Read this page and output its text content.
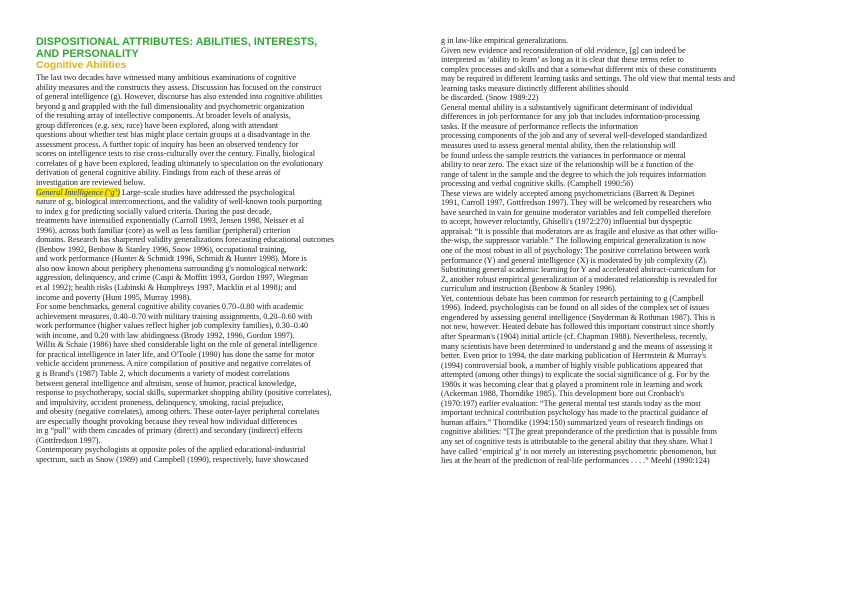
DISPOSITIONAL ATTRIBUTES: ABILITIES, INTERESTS,
AND PERSONALITY
Cognitive Abilities
The last two decades have witnessed many ambitious examinations of cognitive
ability measures and the constructs they assess. Discussion has focused on the construct
of general intelligence (g). However, discourse has also extended into cognitive abilities
beyond g and grappled with the full dimensionality and psychometric organization
of the resulting array of intellective components. At broader levels of analysis,
group differences (e.g. sex, race) have been explored, along with attendant
questions about whether test bias might place certain groups at a disadvantage in the
assessment process. A further topic of inquiry has been an observed tendency for
scores on intelligence tests to rise cross-culturally over the century. Finally, biological
correlates of g have been explored, leading ultimately to speculation on the evolutionary
derivation of general cognitive ability. Findings from each of these areas of
investigation are reviewed below.
General Intelligence (‘g’) Large-scale studies have addressed the psychological
nature of g, biological interconnections, and the validity of well-known tools purporting
to index g for predicting socially valued criteria. During the past decade,
treatments have intensified exponentially (Carroll 1993, Jensen 1998, Neisser et al
1996), across both familiar (core) as well as less familiar (peripheral) criterion
domains. Research has sharpened validity generalizations forecasting educational outcomes
(Benbow 1992, Benbow & Stanley 1996, Snow 1996), occupational training,
and work performance (Hunter & Schmidt 1996, Schmidt & Hunter 1998). More is
also now known about periphery phenomena surrounding g's nomological network:
aggression, delinquency, and crime (Caspi & Moffitt 1993, Gordon 1997, Wiegman
et al 1992); health risks (Lubinski & Humphreys 1997, Macklin et al 1998); and
income and poverty (Hunt 1995, Murray 1998).
For some benchmarks, general cognitive ability covaries 0.70–0.80 with academic
achievement measures, 0.40–0.70 with military training assignments, 0.20–0.60 with
work performance (higher values reflect higher job complexity families), 0.30–0.40
with income, and 0.20 with law abidingness (Brody 1992, 1996, Gordon 1997).
Willis & Schaie (1986) have shed considerable light on the role of general intelligence
for practical intelligence in later life, and O'Toole (1990) has done the same for motor
vehicle accident proneness. A nice compilation of positive and negative correlates of
g is Brand's (1987) Table 2, which documents a variety of modest correlations
between general intelligence and altruism, sense of humor, practical knowledge,
response to psychotherapy, social skills, supermarket shopping ability (positive correlates),
and impulsivity, accident proneness, delinquency, smoking, racial prejudice,
and obesity (negative correlates), among others. These outer-layer peripheral correlates
are especially thought provoking because they reveal how individual differences
in g “pull” with them cascades of primary (direct) and secondary (indirect) effects
(Gottfredson 1997).
Contemporary psychologists at opposite poles of the applied educational-industrial
spectrum, such as Snow (1989) and Campbell (1990), respectively, have showcased
g in law-like empirical generalizations.
Given new evidence and reconsideration of old evidence, [g] can indeed be
interpreted as ‘ability to learn’ as long as it is clear that these terms refer to
complex processes and skills and that a somewhat different mix of these constituents
may be required in different learning tasks and settings. The old view that mental tests and
learning tasks measure distinctly different abilities should
be discarded. (Snow 1989:22)
General mental ability is a substantively significant determinant of individual
differences in job performance for any job that includes information-processing
tasks. If the measure of performance reflects the information
processing components of the job and any of several well-developed standardized
measures used to assess general mental ability, then the relationship will
be found unless the sample restricts the variances in performance or mental
ability to near zero. The exact size of the relationship will be a function of the
range of talent in the sample and the degree to which the job requires information
processing and verbal cognitive skills. (Campbell 1990:56)
These views are widely accepted among psychometricians (Barrett & Depinet
1991, Carroll 1997, Gottfredson 1997). They will be welcomed by researchers who
have searched in vain for genuine moderator variables and felt compelled therefore
to accept, however reluctantly, Ghiselli's (1972:270) influential but dyspeptic
appraisal: “It is possible that moderators are as fragile and elusive as that other willo-
the-wisp, the suppressor variable.” The following empirical generalization is now
one of the most robust in all of psychology: The positive correlation between work
performance (Y) and general intelligence (X) is moderated by job complexity (Z).
Substituting general academic learning for Y and accelerated abstract-curriculum for
Z, another robust empirical generalization of a moderated relationship is revealed for
curriculum and instruction (Benbow & Stanley 1996).
Yet, contentious debate has been common for research pertaining to g (Campbell
1996). Indeed, psychologists can be found on all sides of the complex set of issues
engendered by assessing general intelligence (Snyderman & Rothman 1987). This is
not new, however. Heated debate has followed this important construct since shortly
after Spearman's (1904) initial article (cf. Chapman 1988). Nevertheless, recently,
many scientists have been determined to understand g and the means of assessing it
better. Even prior to 1994, the date marking publication of Herrnstein & Murray's
(1994) controversial book, a number of highly visible publications appeared that
attempted (among other things) to explicate the social significance of g. For by the
1980s it was becoming clear that g played a prominent role in learning and work
(Ackerman 1988, Thorndike 1985). This development bore out Cronbach's
(1970:197) earlier evaluation: “The general mental test stands today as the most
important technical contribution psychology has made to the practical guidance of
human affairs.” Thorndike (1994:150) summarized years of research findings on
cognitive abilities: “[T]he great preponderance of the prediction that is possible from
any set of cognitive tests is attributable to the general ability that they share. What I
have called ‘empirical g’ is not merely an interesting psychometric phenomenon, but
lies at the heart of the prediction of real-life performances . . . .” Meehl (1990:124)
